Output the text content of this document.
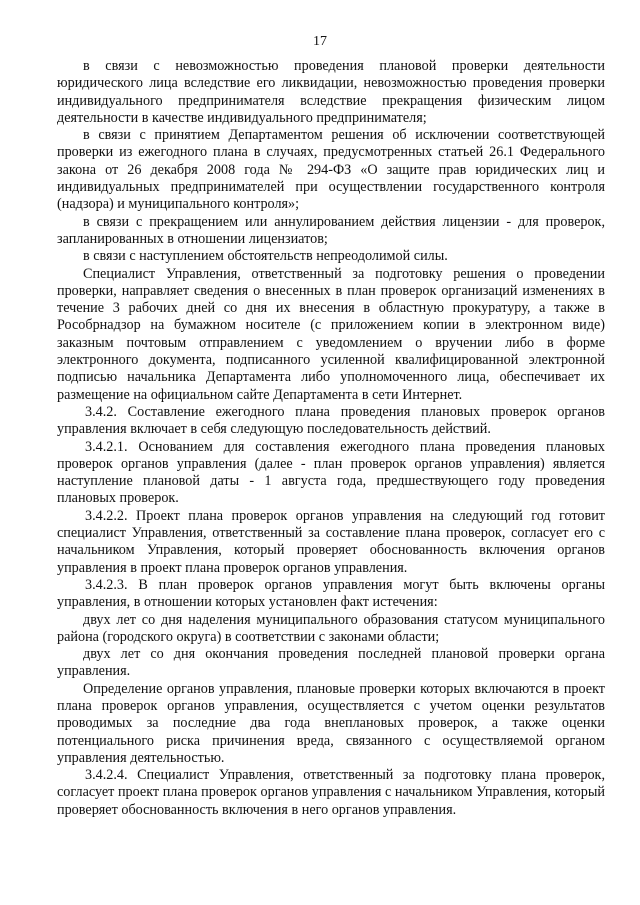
17

в связи с невозможностью проведения плановой проверки деятельности юридического лица вследствие его ликвидации, невозможностью проведения проверки индивидуального предпринимателя вследствие прекращения физическим лицом деятельности в качестве индивидуального предпринимателя;

в связи с принятием Департаментом решения об исключении соответствующей проверки из ежегодного плана в случаях, предусмотренных статьей 26.1 Федерального закона от 26 декабря 2008 года № 294-ФЗ «О защите прав юридических лиц и индивидуальных предпринимателей при осуществлении государственного контроля (надзора) и муниципального контроля»;

в связи с прекращением или аннулированием действия лицензии - для проверок, запланированных в отношении лицензиатов;

в связи с наступлением обстоятельств непреодолимой силы.

Специалист Управления, ответственный за подготовку решения о проведении проверки, направляет сведения о внесенных в план проверок организаций изменениях в течение 3 рабочих дней со дня их внесения в областную прокуратуру, а также в Рособрнадзор на бумажном носителе (с приложением копии в электронном виде) заказным почтовым отправлением с уведомлением о вручении либо в форме электронного документа, подписанного усиленной квалифицированной электронной подписью начальника Департамента либо уполномоченного лица, обеспечивает их размещение на официальном сайте Департамента в сети Интернет.

3.4.2. Составление ежегодного плана проведения плановых проверок органов управления включает в себя следующую последовательность действий.

3.4.2.1. Основанием для составления ежегодного плана проведения плановых проверок органов управления (далее - план проверок органов управления) является наступление плановой даты - 1 августа года, предшествующего году проведения плановых проверок.

3.4.2.2. Проект плана проверок органов управления на следующий год готовит специалист Управления, ответственный за составление плана проверок, согласует его с начальником Управления, который проверяет обоснованность включения органов управления в проект плана проверок органов управления.

3.4.2.3. В план проверок органов управления могут быть включены органы управления, в отношении которых установлен факт истечения:

двух лет со дня наделения муниципального образования статусом муниципального района (городского округа) в соответствии с законами области;

двух лет со дня окончания проведения последней плановой проверки органа управления.

Определение органов управления, плановые проверки которых включаются в проект плана проверок органов управления, осуществляется с учетом оценки результатов проводимых за последние два года внеплановых проверок, а также оценки потенциального риска причинения вреда, связанного с осуществляемой органом управления деятельностью.

3.4.2.4. Специалист Управления, ответственный за подготовку плана проверок, согласует проект плана проверок органов управления с начальником Управления, который проверяет обоснованность включения в него органов управления.
